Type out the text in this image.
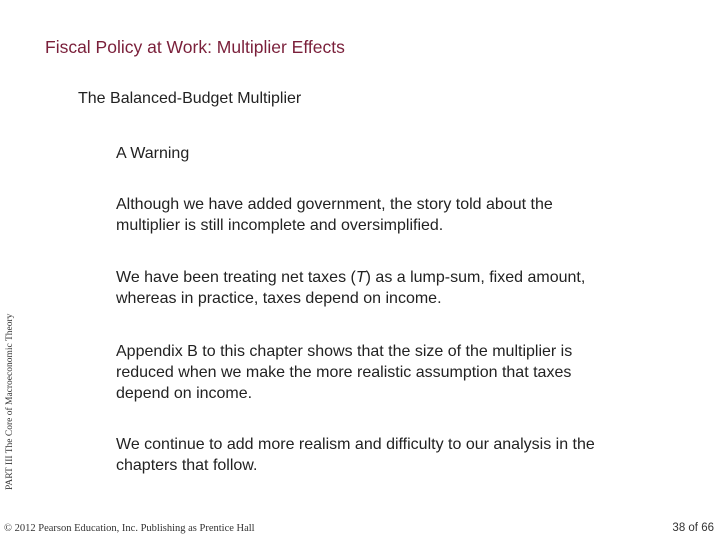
Fiscal Policy at Work: Multiplier Effects
The Balanced-Budget Multiplier
A Warning
Although we have added government, the story told about the multiplier is still incomplete and oversimplified.
We have been treating net taxes (T) as a lump-sum, fixed amount, whereas in practice, taxes depend on income.
Appendix B to this chapter shows that the size of the multiplier is reduced when we make the more realistic assumption that taxes depend on income.
We continue to add more realism and difficulty to our analysis in the chapters that follow.
PART III The Core of Macroeconomic Theory
© 2012 Pearson Education, Inc. Publishing as Prentice Hall	38 of 66
